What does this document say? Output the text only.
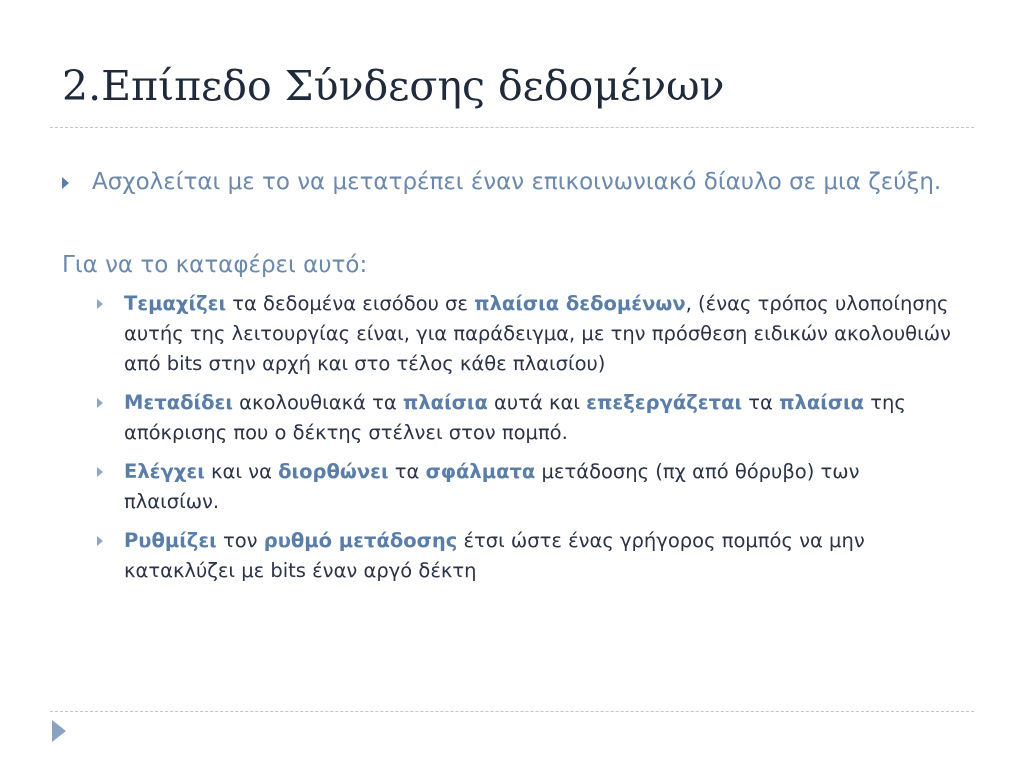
2.Επίπεδο Σύνδεσης δεδομένων
Ασχολείται με το να μετατρέπει έναν επικοινωνιακό δίαυλο σε μια ζεύξη.
Για να το καταφέρει αυτό:
Τεμαχίζει τα δεδομένα εισόδου σε πλαίσια δεδομένων, (ένας τρόπος υλοποίησης αυτής της λειτουργίας είναι, για παράδειγμα, με την πρόσθεση ειδικών ακολουθιών από bits στην αρχή και στο τέλος κάθε πλαισίου)
Μεταδίδει ακολουθιακά τα πλαίσια αυτά και επεξεργάζεται τα πλαίσια της απόκρισης που ο δέκτης στέλνει στον πομπό.
Ελέγχει και να διορθώνει τα σφάλματα μετάδοσης (πχ από θόρυβο) των πλαισίων.
Ρυθμίζει τον ρυθμό μετάδοσης έτσι ώστε ένας γρήγορος πομπός να μην κατακλύζει με bits έναν αργό δέκτη
